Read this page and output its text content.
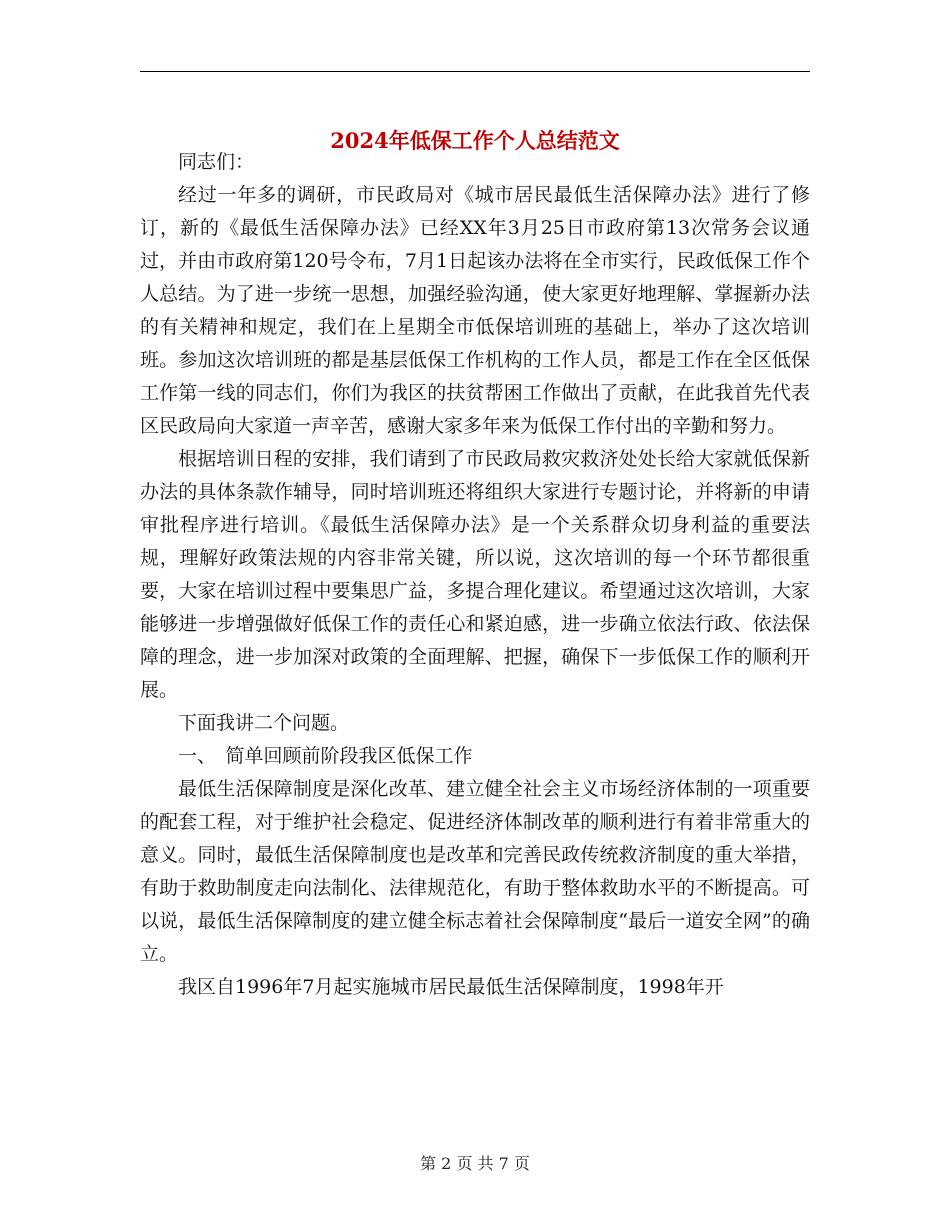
2024年低保工作个人总结范文

同志们：

经过一年多的调研，市民政局对《城市居民最低生活保障办法》进行了修订，新的《最低生活保障办法》已经XX年3月25日市政府第13次常务会议通过，并由市政府第120号令布，7月1日起该办法将在全市实行，民政低保工作个人总结。为了进一步统一思想，加强经验沟通，使大家更好地理解、掌握新办法的有关精神和规定，我们在上星期全市低保培训班的基础上，举办了这次培训班。参加这次培训班的都是基层低保工作机构的工作人员，都是工作在全区低保工作第一线的同志们，你们为我区的扶贫帮困工作做出了贡献，在此我首先代表区民政局向大家道一声辛苦，感谢大家多年来为低保工作付出的辛勤和努力。

根据培训日程的安排，我们请到了市民政局救灾救济处处长给大家就低保新办法的具体条款作辅导，同时培训班还将组织大家进行专题讨论，并将新的申请审批程序进行培训。《最低生活保障办法》是一个关系群众切身利益的重要法规，理解好政策法规的内容非常关键，所以说，这次培训的每一个环节都很重要，大家在培训过程中要集思广益，多提合理化建议。希望通过这次培训，大家能够进一步增强做好低保工作的责任心和紧迫感，进一步确立依法行政、依法保障的理念，进一步加深对政策的全面理解、把握，确保下一步低保工作的顺利开展。

下面我讲二个问题。

一、　简单回顾前阶段我区低保工作

最低生活保障制度是深化改革、建立健全社会主义市场经济体制的一项重要的配套工程，对于维护社会稳定、促进经济体制改革的顺利进行有着非常重大的意义。同时，最低生活保障制度也是改革和完善民政传统救济制度的重大举措，有助于救助制度走向法制化、法律规范化，有助于整体救助水平的不断提高。可以说，最低生活保障制度的建立健全标志着社会保障制度“最后一道安全网”的确立。

我区自1996年7月起实施城市居民最低生活保障制度，1998年开

第 2 页 共 7 页
